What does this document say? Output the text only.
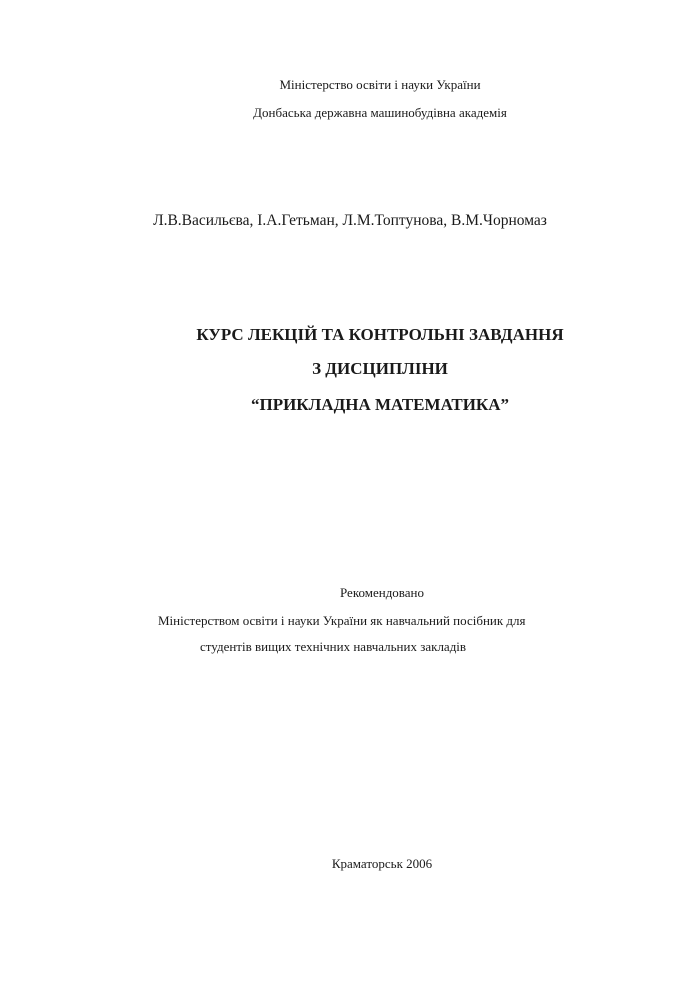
Міністерство освіти і науки України
Донбаська державна машинобудівна академія
Л.В.Васильєва, І.А.Гетьман, Л.М.Топтунова, В.М.Чорномаз
КУРС ЛЕКЦІЙ ТА КОНТРОЛЬНІ ЗАВДАННЯ
З ДИСЦИПЛІНИ
“ПРИКЛАДНА МАТЕМАТИКА”
Рекомендовано
Міністерством освіти і науки України як навчальний посібник для
студентів вищих технічних навчальних закладів
Краматорськ 2006
